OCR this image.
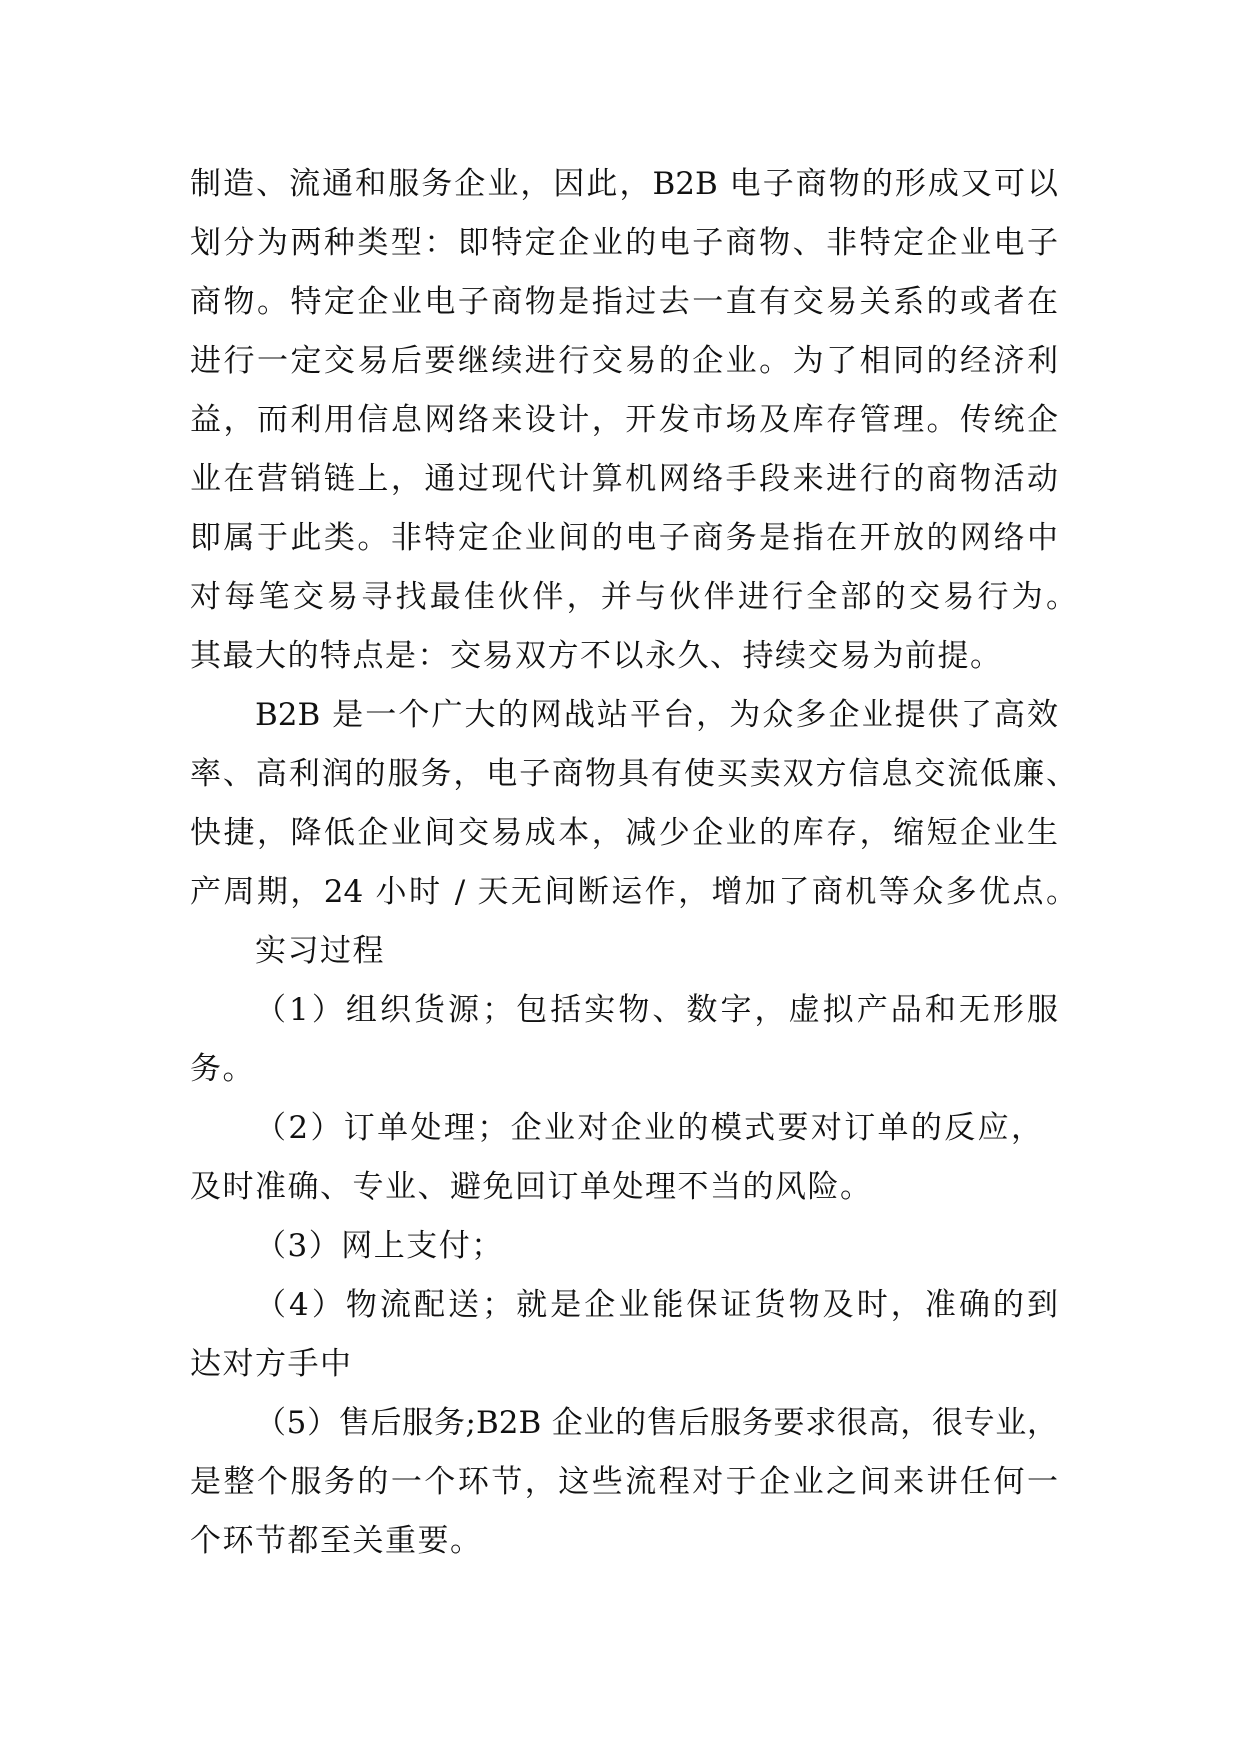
制造、流通和服务企业，因此，B2B 电子商物的形成又可以
划分为两种类型：即特定企业的电子商物、非特定企业电子
商物。特定企业电子商物是指过去一直有交易关系的或者在
进行一定交易后要继续进行交易的企业。为了相同的经济利
益，而利用信息网络来设计，开发市场及库存管理。传统企
业在营销链上，通过现代计算机网络手段来进行的商物活动
即属于此类。非特定企业间的电子商务是指在开放的网络中
对每笔交易寻找最佳伙伴，并与伙伴进行全部的交易行为。
其最大的特点是：交易双方不以永久、持续交易为前提。
B2B 是一个广大的网战站平台，为众多企业提供了高效
率、高利润的服务，电子商物具有使买卖双方信息交流低廉、
快捷，降低企业间交易成本，减少企业的库存，缩短企业生
产周期，24 小时 / 天无间断运作，增加了商机等众多优点。
实习过程
（1）组织货源；包括实物、数字，虚拟产品和无形服
务。
（2）订单处理；企业对企业的模式要对订单的反应，
及时准确、专业、避免回订单处理不当的风险。
（3）网上支付；
（4）物流配送；就是企业能保证货物及时，准确的到
达对方手中
（5）售后服务;B2B 企业的售后服务要求很高，很专业，
是整个服务的一个环节，这些流程对于企业之间来讲任何一
个环节都至关重要。
